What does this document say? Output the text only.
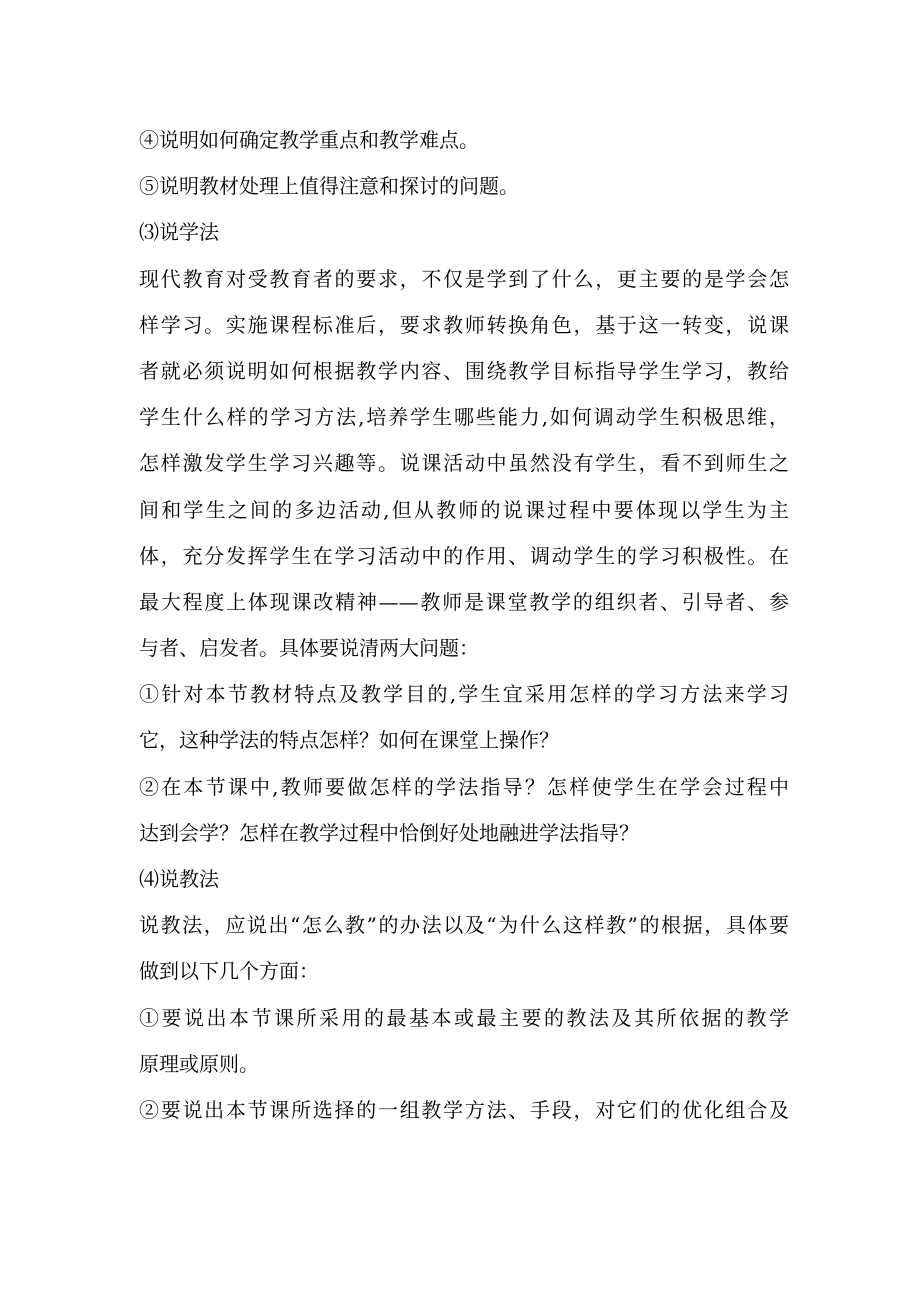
④说明如何确定教学重点和教学难点。
⑤说明教材处理上值得注意和探讨的问题。
⑶说学法
现代教育对受教育者的要求，不仅是学到了什么，更主要的是学会怎
样学习。实施课程标准后，要求教师转换角色，基于这一转变，说课
者就必须说明如何根据教学内容、围绕教学目标指导学生学习，教给
学生什么样的学习方法,培养学生哪些能力,如何调动学生积极思维，
怎样激发学生学习兴趣等。说课活动中虽然没有学生，看不到师生之
间和学生之间的多边活动,但从教师的说课过程中要体现以学生为主
体，充分发挥学生在学习活动中的作用、调动学生的学习积极性。在
最大程度上体现课改精神——教师是课堂教学的组织者、引导者、参
与者、启发者。具体要说清两大问题：
①针对本节教材特点及教学目的,学生宜采用怎样的学习方法来学习
它，这种学法的特点怎样？如何在课堂上操作？
②在本节课中,教师要做怎样的学法指导？怎样使学生在学会过程中
达到会学？怎样在教学过程中恰倒好处地融进学法指导？
⑷说教法
说教法，应说出“怎么教”的办法以及“为什么这样教”的根据，具体要
做到以下几个方面：
①要说出本节课所采用的最基本或最主要的教法及其所依据的教学
原理或原则。
②要说出本节课所选择的一组教学方法、手段，对它们的优化组合及
